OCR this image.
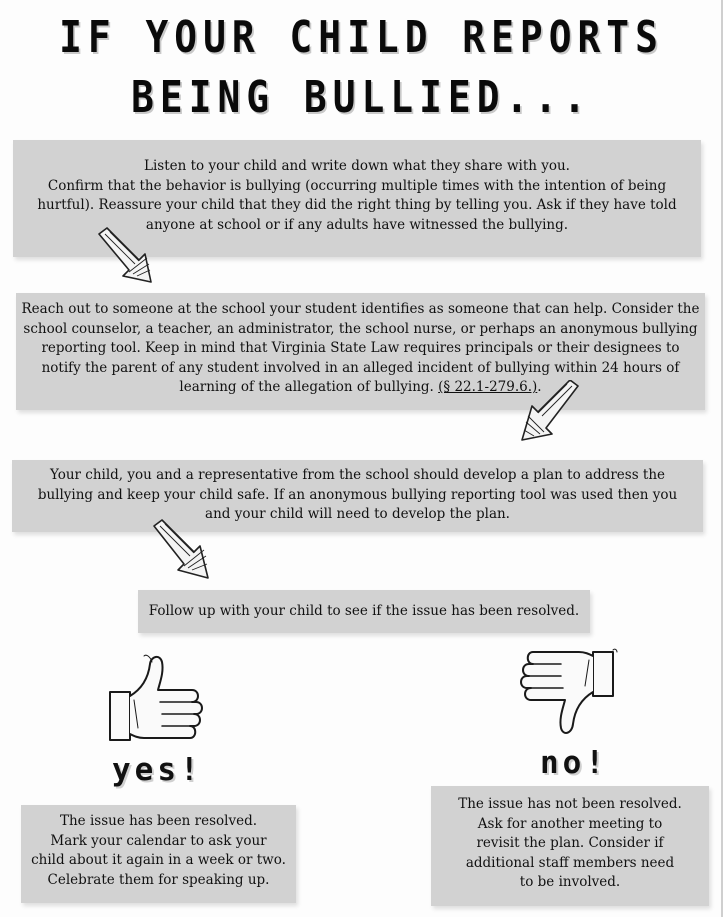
IF YOUR CHILD REPORTS
BEING BULLIED...

Listen to your child and write down what they share with you.

Confirm that the behavior is bullying (occurring multiple times with the intention of being

hurtful). Reassure your child that they did the right thing by telling you. Ask if they have told

anyone at school or if any adults have witnessed the bullying.

Reach out to someone at the school your student identifies as someone that can help. Consider the

school counselor, a teacher, an administrator, the school nurse, or perhaps an anonymous bullying

reporting tool. Keep in mind that Virginia State Law requires principals or their designees to

notify the parent of any student involved in an alleged incident of bullying within 24 hours of

learning of the allegation of bullying. (§ 22.1-279.6.).

Your child, you and a representative from the school should develop a plan to address the

bullying and keep your child safe. If an anonymous bullying reporting tool was used then you

and your child will need to develop the plan.

Follow up with your child to see if the issue has been resolved.

yes!	no!

The issue has been resolved.

Mark your calendar to ask your

child about it again in a week or two.

Celebrate them for speaking up.

The issue has not been resolved.

Ask for another meeting to

revisit the plan. Consider if

additional staff members need

to be involved.
